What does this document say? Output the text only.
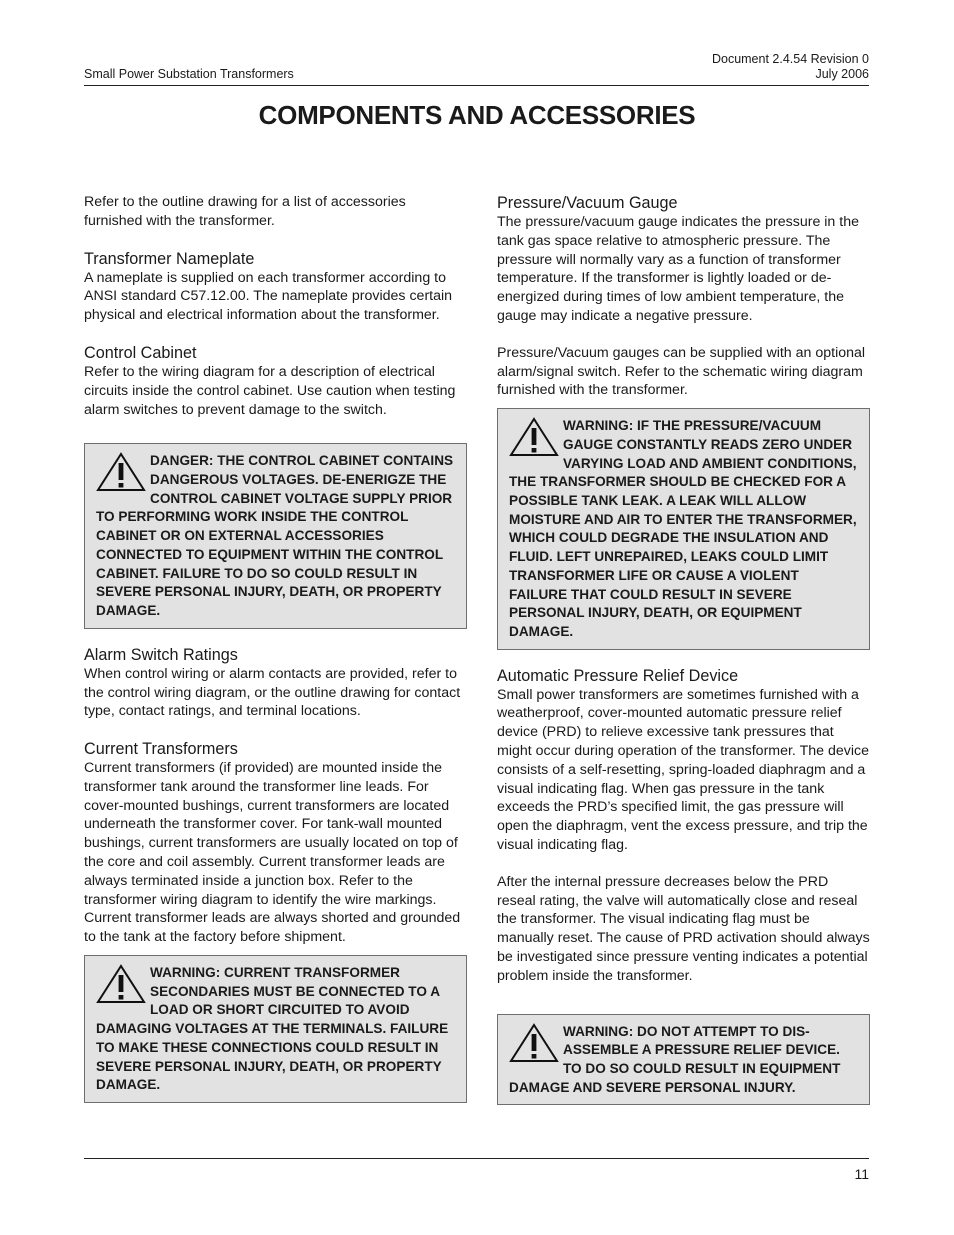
Small Power Substation Transformers
Document 2.4.54 Revision 0
July 2006
COMPONENTS AND ACCESSORIES

Refer to the outline drawing for a list of accessories furnished with the transformer.

Transformer Nameplate

A nameplate is supplied on each transformer according to ANSI standard C57.12.00. The nameplate provides certain physical and electrical information about the transformer.

Control Cabinet

Refer to the wiring diagram for a description of electrical circuits inside the control cabinet. Use caution when testing alarm switches to prevent damage to the switch.

DANGER: THE CONTROL CABINET CONTAINS DANGEROUS VOLTAGES. DE-ENERIGZE THE CONTROL CABINET VOLTAGE SUPPLY PRIOR TO PERFORMING WORK INSIDE THE CONTROL CABINET OR ON EXTERNAL ACCESSORIES CONNECTED TO EQUIPMENT WITHIN THE CONTROL CABINET. FAILURE TO DO SO COULD RESULT IN SEVERE PERSONAL INJURY, DEATH, OR PROPERTY DAMAGE.
Alarm Switch Ratings

When control wiring or alarm contacts are provided, refer to the control wiring diagram, or the outline drawing for contact type, contact ratings, and terminal locations.

Current Transformers

Current transformers (if provided) are mounted inside the transformer tank around the transformer line leads. For cover-mounted bushings, current transformers are located underneath the transformer cover. For tank-wall mounted bushings, current transformers are usually located on top of the core and coil assembly. Current transformer leads are always terminated inside a junction box. Refer to the transformer wiring diagram to identify the wire markings. Current transformer leads are always shorted and grounded to the tank at the factory before shipment.

WARNING: CURRENT TRANSFORMER SECONDARIES MUST BE CONNECTED TO A LOAD OR SHORT CIRCUITED TO AVOID DAMAGING VOLTAGES AT THE TERMINALS. FAILURE TO MAKE THESE CONNECTIONS COULD RESULT IN SEVERE PERSONAL INJURY, DEATH, OR PROPERTY DAMAGE.
Pressure/Vacuum Gauge

The pressure/vacuum gauge indicates the pressure in the tank gas space relative to atmospheric pressure. The pressure will normally vary as a function of transformer temperature. If the transformer is lightly loaded or de-energized during times of low ambient temperature, the gauge may indicate a negative pressure.

Pressure/Vacuum gauges can be supplied with an optional alarm/signal switch. Refer to the schematic wiring diagram furnished with the transformer.

WARNING: IF THE PRESSURE/VACUUM GAUGE CONSTANTLY READS ZERO UNDER VARYING LOAD AND AMBIENT CONDITIONS, THE TRANSFORMER SHOULD BE CHECKED FOR A POSSIBLE TANK LEAK. A LEAK WILL ALLOW MOISTURE AND AIR TO ENTER THE TRANSFORMER, WHICH COULD DEGRADE THE INSULATION AND FLUID. LEFT UNREPAIRED, LEAKS COULD LIMIT TRANSFORMER LIFE OR CAUSE A VIOLENT FAILURE THAT COULD RESULT IN SEVERE PERSONAL INJURY, DEATH, OR EQUIPMENT DAMAGE.
Automatic Pressure Relief Device

Small power transformers are sometimes furnished with a weatherproof, cover-mounted automatic pressure relief device (PRD) to relieve excessive tank pressures that might occur during operation of the transformer. The device consists of a self-resetting, spring-loaded diaphragm and a visual indicating flag. When gas pressure in the tank exceeds the PRD’s specified limit, the gas pressure will open the diaphragm, vent the excess pressure, and trip the visual indicating flag.

After the internal pressure decreases below the PRD reseal rating, the valve will automatically close and reseal the transformer. The visual indicating flag must be manually reset. The cause of PRD activation should always be investigated since pressure venting indicates a potential problem inside the transformer.

WARNING: DO NOT ATTEMPT TO DIS-ASSEMBLE A PRESSURE RELIEF DEVICE. TO DO SO COULD RESULT IN EQUIPMENT DAMAGE AND SEVERE PERSONAL INJURY.
11
